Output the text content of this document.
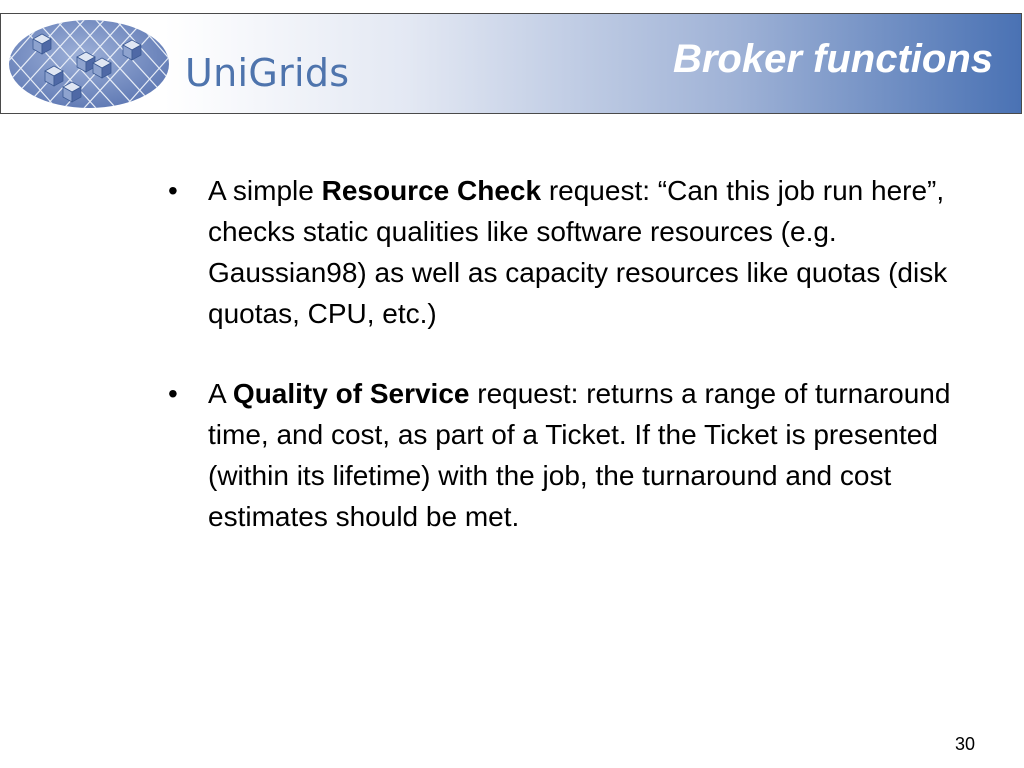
UniGrids	Broker functions
• A simple Resource Check request: “Can this job run here”, checks static qualities like software resources (e.g. Gaussian98) as well as capacity resources like quotas (disk quotas, CPU, etc.)
• A Quality of Service request: returns a range of turnaround time, and cost, as part of a Ticket. If the Ticket is presented (within its lifetime) with the job, the turnaround and cost estimates should be met.
30
